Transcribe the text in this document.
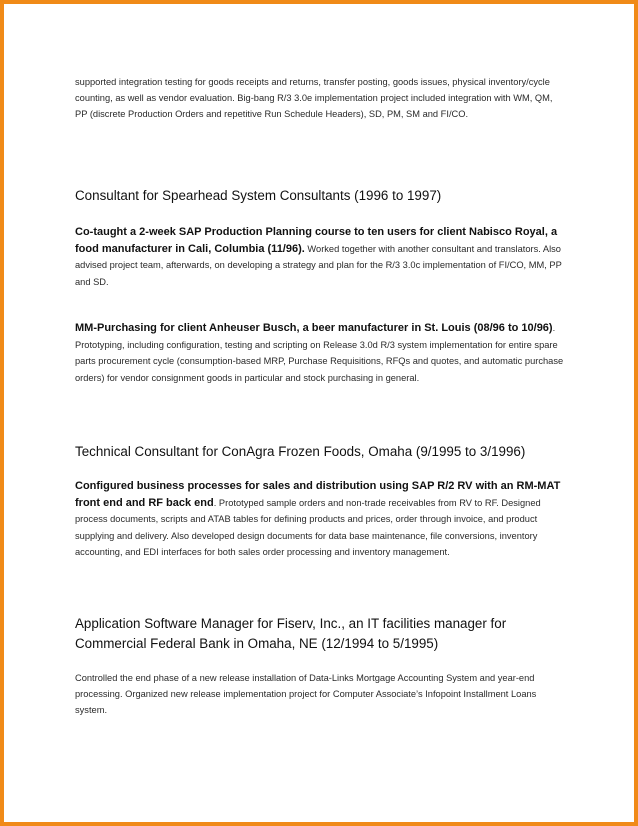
supported integration testing for goods receipts and returns, transfer posting, goods issues, physical inventory/cycle counting, as well as vendor evaluation. Big-bang R/3 3.0e implementation project included integration with WM, QM, PP (discrete Production Orders and repetitive Run Schedule Headers), SD, PM, SM and FI/CO.

Consultant for Spearhead System Consultants (1996 to 1997)

Co-taught a 2-week SAP Production Planning course to ten users for client Nabisco Royal, a food manufacturer in Cali, Columbia (11/96). Worked together with another consultant and translators. Also advised project team, afterwards, on developing a strategy and plan for the R/3 3.0c implementation of FI/CO, MM, PP and SD.

MM-Purchasing for client Anheuser Busch, a beer manufacturer in St. Louis (08/96 to 10/96). Prototyping, including configuration, testing and scripting on Release 3.0d R/3 system implementation for entire spare parts procurement cycle (consumption-based MRP, Purchase Requisitions, RFQs and quotes, and automatic purchase orders) for vendor consignment goods in particular and stock purchasing in general.

Technical Consultant for ConAgra Frozen Foods, Omaha (9/1995 to 3/1996)

Configured business processes for sales and distribution using SAP R/2 RV with an RM-MAT front end and RF back end. Prototyped sample orders and non-trade receivables from RV to RF. Designed process documents, scripts and ATAB tables for defining products and prices, order through invoice, and product supplying and delivery. Also developed design documents for data base maintenance, file conversions, inventory accounting, and EDI interfaces for both sales order processing and inventory management.

Application Software Manager for Fiserv, Inc., an IT facilities manager for Commercial Federal Bank in Omaha, NE (12/1994 to 5/1995)

Controlled the end phase of a new release installation of Data-Links Mortgage Accounting System and year-end processing. Organized new release implementation project for Computer Associate’s Infopoint Installment Loans system.
